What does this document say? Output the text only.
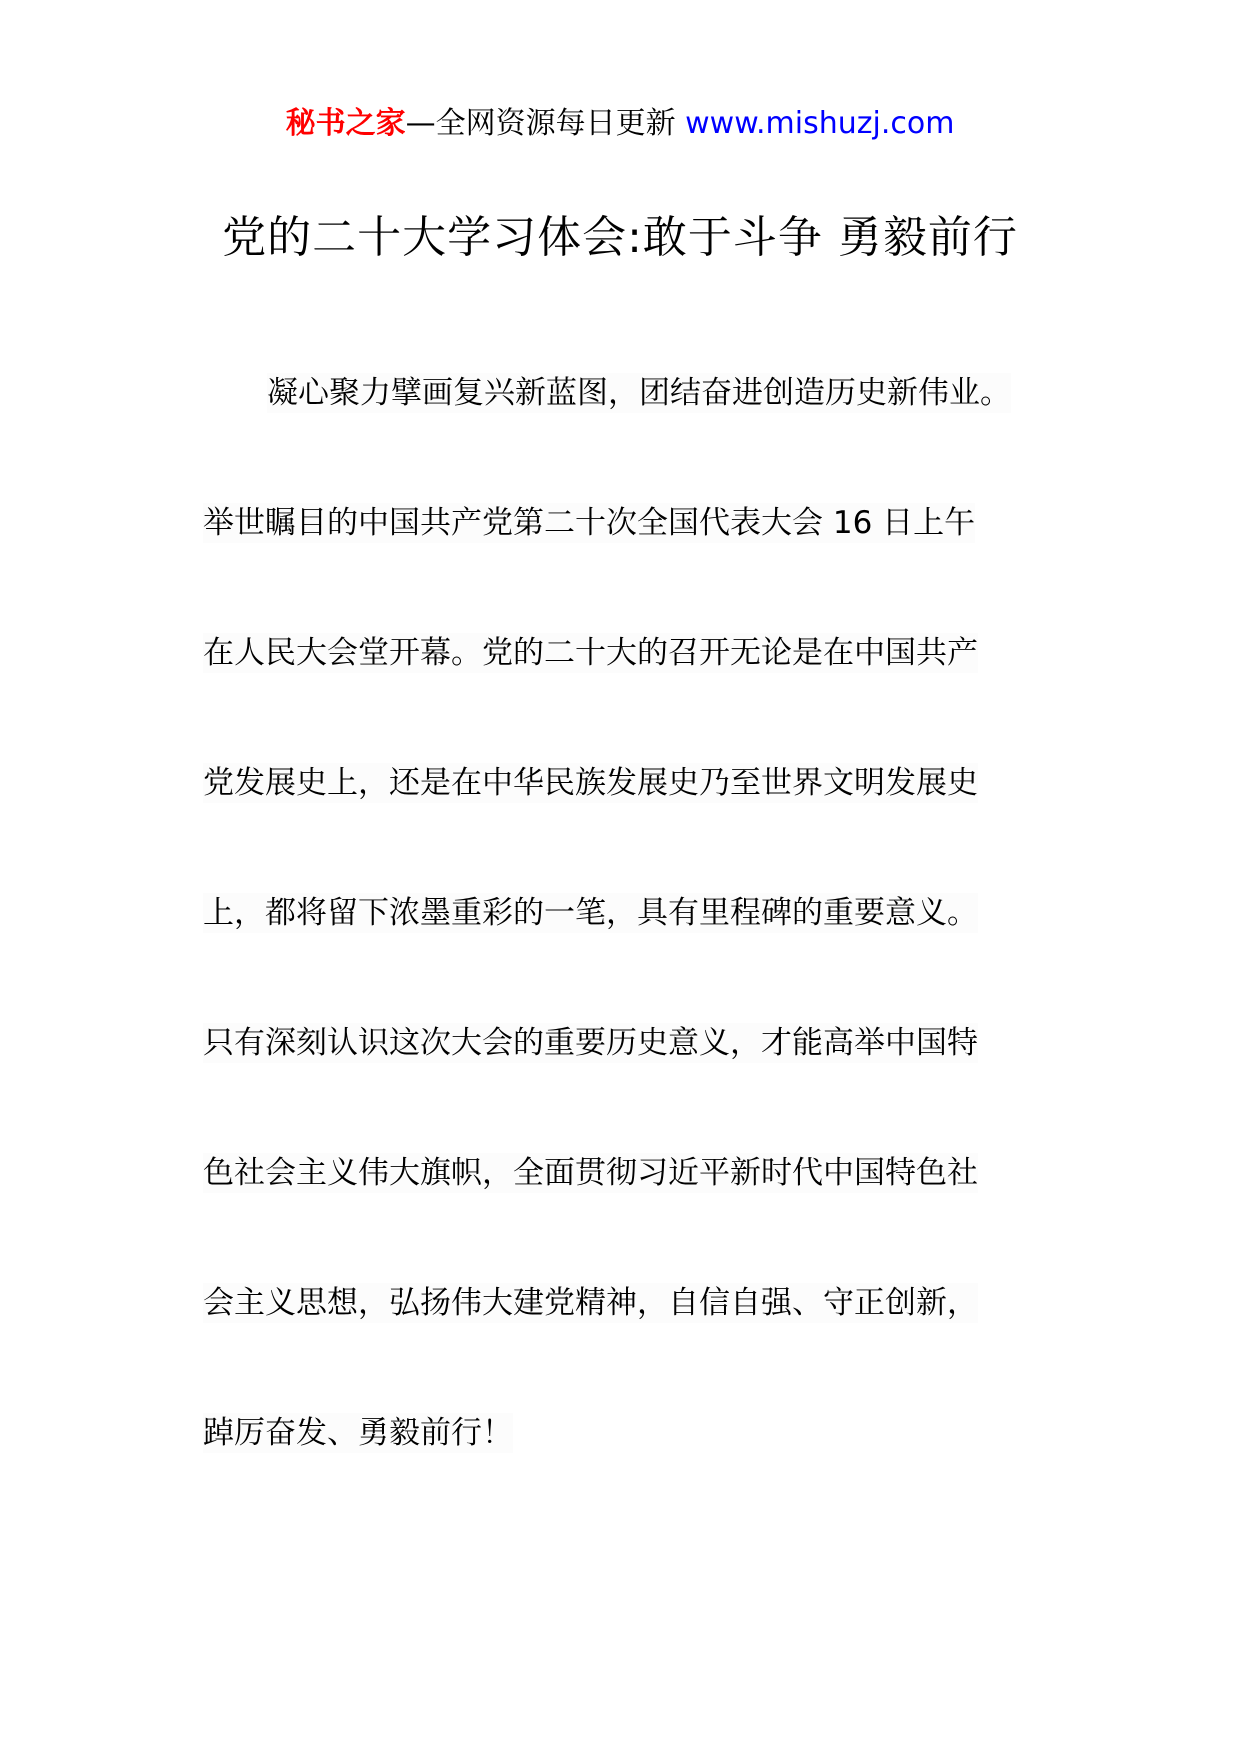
秘书之家—全网资源每日更新 www.mishuzj.com
党的二十大学习体会:敢于斗争 勇毅前行
凝心聚力擘画复兴新蓝图，团结奋进创造历史新伟业。
举世瞩目的中国共产党第二十次全国代表大会 16 日上午
在人民大会堂开幕。党的二十大的召开无论是在中国共产
党发展史上，还是在中华民族发展史乃至世界文明发展史
上，都将留下浓墨重彩的一笔，具有里程碑的重要意义。
只有深刻认识这次大会的重要历史意义，才能高举中国特
色社会主义伟大旗帜，全面贯彻习近平新时代中国特色社
会主义思想，弘扬伟大建党精神，自信自强、守正创新，
踔厉奋发、勇毅前行！
